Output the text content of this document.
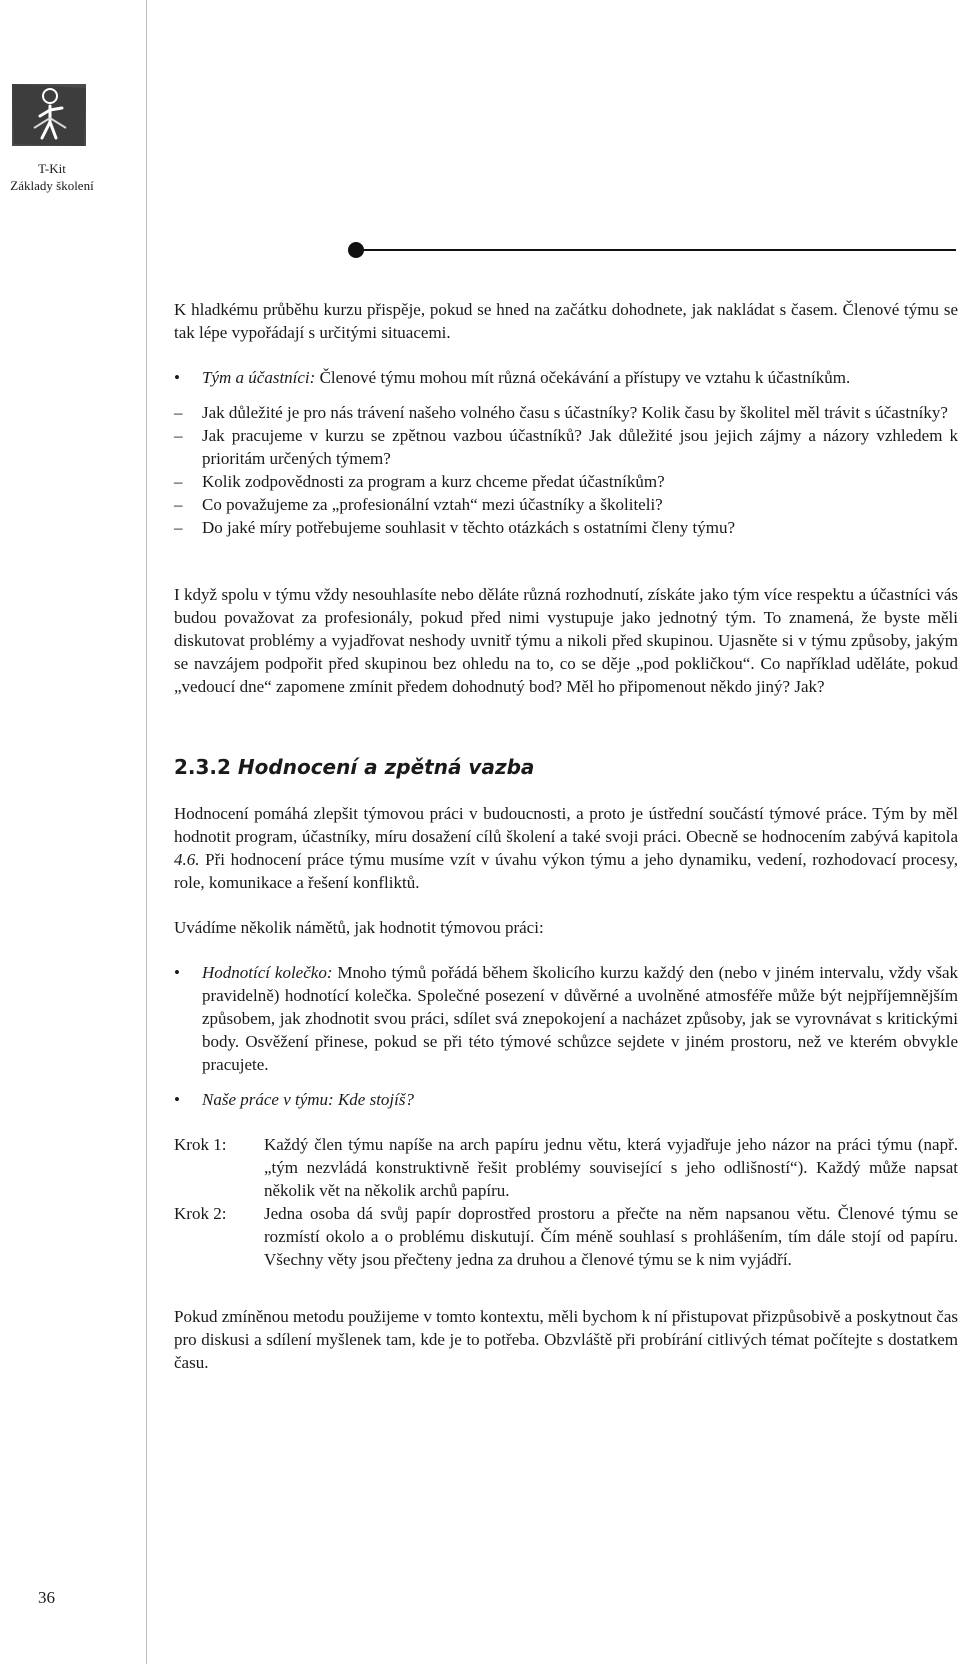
T-Kit
Základy školení

K hladkému průběhu kurzu přispěje, pokud se hned na začátku dohodnete, jak nakládat s časem. Členové týmu se tak lépe vypořádají s určitými situacemi.

• Tým a účastníci: Členové týmu mohou mít různá očekávání a přístupy ve vztahu k účastníkům.

– Jak důležité je pro nás trávení našeho volného času s účastníky? Kolik času by školitel měl trávit s účastníky?

– Jak pracujeme v kurzu se zpětnou vazbou účastníků? Jak důležité jsou jejich zájmy a názory vzhledem k prioritám určených týmem?

– Kolik zodpovědnosti za program a kurz chceme předat účastníkům?

– Co považujeme za „profesionální vztah“ mezi účastníky a školiteli?

– Do jaké míry potřebujeme souhlasit v těchto otázkách s ostatními členy týmu?

I když spolu v týmu vždy nesouhlasíte nebo děláte různá rozhodnutí, získáte jako tým více respektu a účastníci vás budou považovat za profesionály, pokud před nimi vystupuje jako jednotný tým. To znamená, že byste měli diskutovat problémy a vyjadřovat neshody uvnitř týmu a nikoli před skupinou. Ujasněte si v týmu způsoby, jakým se navzájem podpořit před skupinou bez ohledu na to, co se děje „pod pokličkou“. Co například uděláte, pokud „vedoucí dne“ zapomene zmínit předem dohodnutý bod? Měl ho připomenout někdo jiný? Jak?

2.3.2 Hodnocení a zpětná vazba

Hodnocení pomáhá zlepšit týmovou práci v budoucnosti, a proto je ústřední součástí týmové práce. Tým by měl hodnotit program, účastníky, míru dosažení cílů školení a také svoji práci. Obecně se hodnocením zabývá kapitola 4.6. Při hodnocení práce týmu musíme vzít v úvahu výkon týmu a jeho dynamiku, vedení, rozhodovací procesy, role, komunikace a řešení konfliktů.

Uvádíme několik námětů, jak hodnotit týmovou práci:

• Hodnotící kolečko: Mnoho týmů pořádá během školicího kurzu každý den (nebo v jiném intervalu, vždy však pravidelně) hodnotící kolečka. Společné posezení v důvěrné a uvolněné atmosféře může být nejpříjemnějším způsobem, jak zhodnotit svou práci, sdílet svá znepokojení a nacházet způsoby, jak se vyrovnávat s kritickými body. Osvěžení přinese, pokud se při této týmové schůzce sejdete v jiném prostoru, než ve kterém obvykle pracujete.

• Naše práce v týmu: Kde stojíš?

Krok 1: Každý člen týmu napíše na arch papíru jednu větu, která vyjadřuje jeho názor na práci týmu (např. „tým nezvládá konstruktivně řešit problémy související s jeho odlišností“). Každý může napsat několik vět na několik archů papíru.

Krok 2: Jedna osoba dá svůj papír doprostřed prostoru a přečte na něm napsanou větu. Členové týmu se rozmístí okolo a o problému diskutují. Čím méně souhlasí s prohlášením, tím dále stojí od papíru. Všechny věty jsou přečteny jedna za druhou a členové týmu se k nim vyjádří.

Pokud zmíněnou metodu použijeme v tomto kontextu, měli bychom k ní přistupovat přizpůsobivě a poskytnout čas pro diskusi a sdílení myšlenek tam, kde je to potřeba. Obzvláště při probírání citlivých témat počítejte s dostatkem času.

36
